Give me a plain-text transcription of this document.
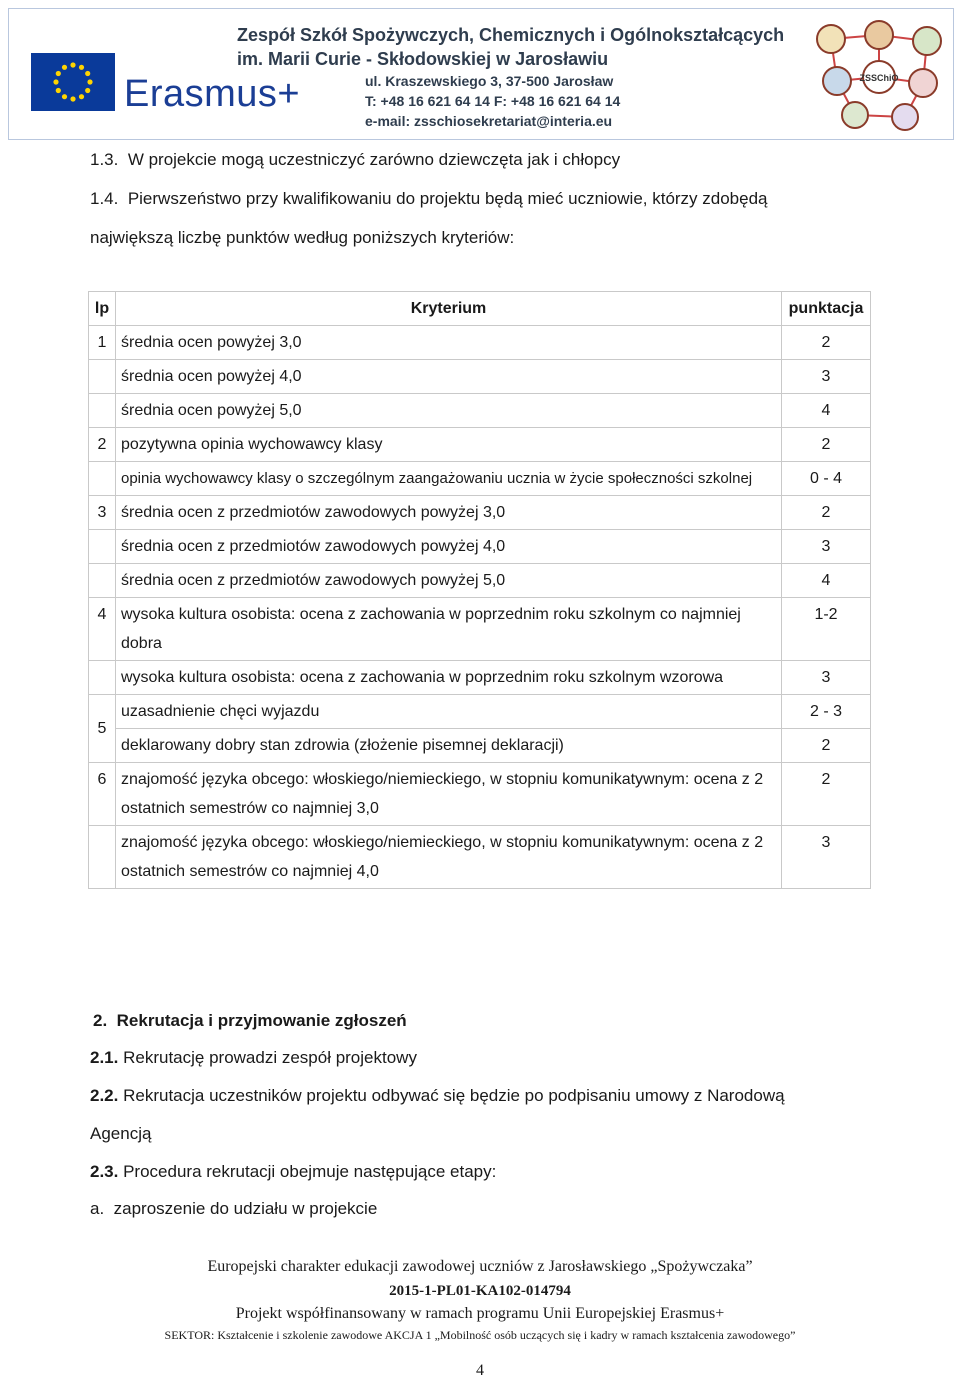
Erasmus+
Zespół Szkół Spożywczych, Chemicznych i Ogólnokształcących
im. Marii Curie - Skłodowskiej w Jarosławiu
ul. Kraszewskiego 3, 37-500 Jarosław
T: +48 16 621 64 14 F: +48 16 621 64 14
e-mail: zsschiosekretariat@interia.eu
ZSSChiO
1.3. W projekcie mogą uczestniczyć zarówno dziewczęta jak i chłopcy
1.4. Pierwszeństwo przy kwalifikowaniu do projektu będą mieć uczniowie, którzy zdobędą
największą liczbę punktów według poniższych kryteriów:
lp	Kryterium	punktacja
1	średnia ocen powyżej 3,0	2
	średnia ocen powyżej 4,0	3
	średnia ocen powyżej 5,0	4
2	pozytywna opinia wychowawcy klasy	2
	opinia wychowawcy klasy o szczególnym zaangażowaniu ucznia w życie społeczności szkolnej	0 - 4
3	średnia ocen z przedmiotów zawodowych powyżej 3,0	2
	średnia ocen z przedmiotów zawodowych powyżej 4,0	3
	średnia ocen z przedmiotów zawodowych powyżej 5,0	4
4	wysoka kultura osobista: ocena z zachowania w poprzednim roku szkolnym co najmniej dobra	1-2
	wysoka kultura osobista: ocena z zachowania w poprzednim roku szkolnym wzorowa	3
5	uzasadnienie chęci wyjazdu	2 - 3
	deklarowany dobry stan zdrowia (złożenie pisemnej deklaracji)	2
6	znajomość języka obcego: włoskiego/niemieckiego, w stopniu komunikatywnym: ocena z 2 ostatnich semestrów co najmniej 3,0	2
	znajomość języka obcego: włoskiego/niemieckiego, w stopniu komunikatywnym: ocena z 2 ostatnich semestrów co najmniej 4,0	3
2. Rekrutacja i przyjmowanie zgłoszeń
2.1. Rekrutację prowadzi zespół projektowy
2.2. Rekrutacja uczestników projektu odbywać się będzie po podpisaniu umowy z Narodową
Agencją
2.3. Procedura rekrutacji obejmuje następujące etapy:
a. zaproszenie do udziału w projekcie
Europejski charakter edukacji zawodowej uczniów z Jarosławskiego „Spożywczaka”
2015-1-PL01-KA102-014794
Projekt współfinansowany w ramach programu Unii Europejskiej Erasmus+
SEKTOR: Kształcenie i szkolenie zawodowe AKCJA 1 „Mobilność osób uczących się i kadry w ramach kształcenia zawodowego”
4
